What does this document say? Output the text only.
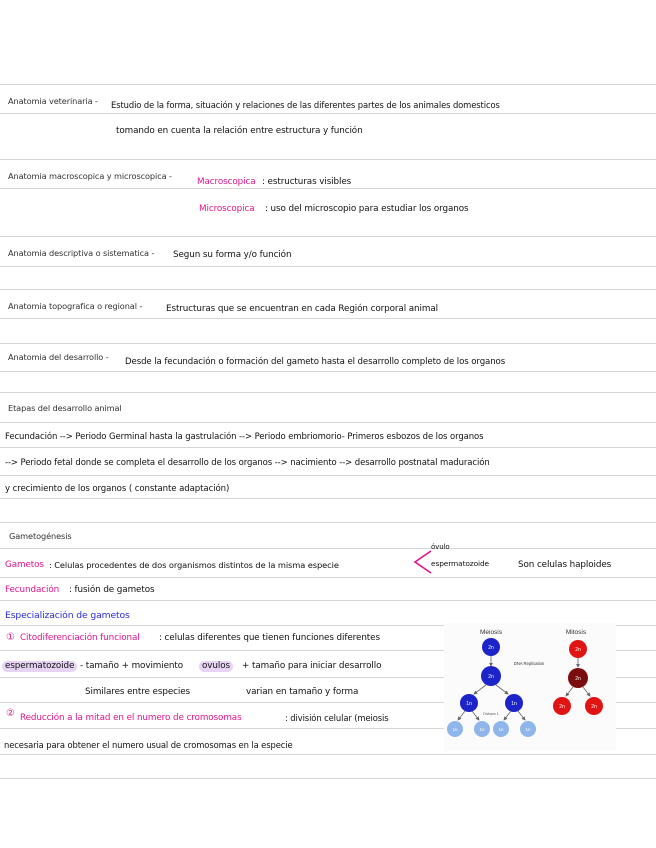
Anatomia veterinaria - Estudio de la forma, situación y relaciones de las diferentes partes de los animales domesticos
tomando en cuenta la relación entre estructura y función
Anatomia macroscopica y microscopica -
Macroscopica : estructuras visibles
Microscopica : uso del microscopio para estudiar los organos
Anatomia descriptiva o sistematica - Segun su forma y/o función
Anatomia topografica o regional -	Estructuras que se encuentran en cada Región corporal animal
Anatomia del desarrollo - Desde la fecundación o formación del gameto hasta el desarrollo completo de los organos
Etapas del desarrollo animal
Fecundación --> Periodo Germinal hasta la gastrulación --> Periodo embriomorio- Primeros esbozos de los organos
--> Periodo fetal donde se completa el desarrollo de los organos --> nacimiento --> desarrollo postnatal maduración
y crecimiento de los organos ( constante adaptación)
Gametogénesis
Gametos : Celulas procedentes de dos organismos distintos de la misma especie
óvulo
espermatozoide	Son celulas haploides
Fecundación : fusión de gametos
Especialización de gametos
① Citodiferenciación funcional : celulas diferentes que tienen funciones diferentes
espermatozoide - tamaño + movimiento	ovulos	+ tamaño para iniciar desarrollo
Similares entre especies	varian en tamaño y forma
② Reducción a la mitad en el numero de cromosomas	: división celular (meiosis
necesaria para obtener el numero usual de cromosomas en la especie
Meiosis	Mitosis
DNA Replication
Division 1
2n
2n
1n	1n
1n	1n	1n	1n
2n
2n
2n	2n
